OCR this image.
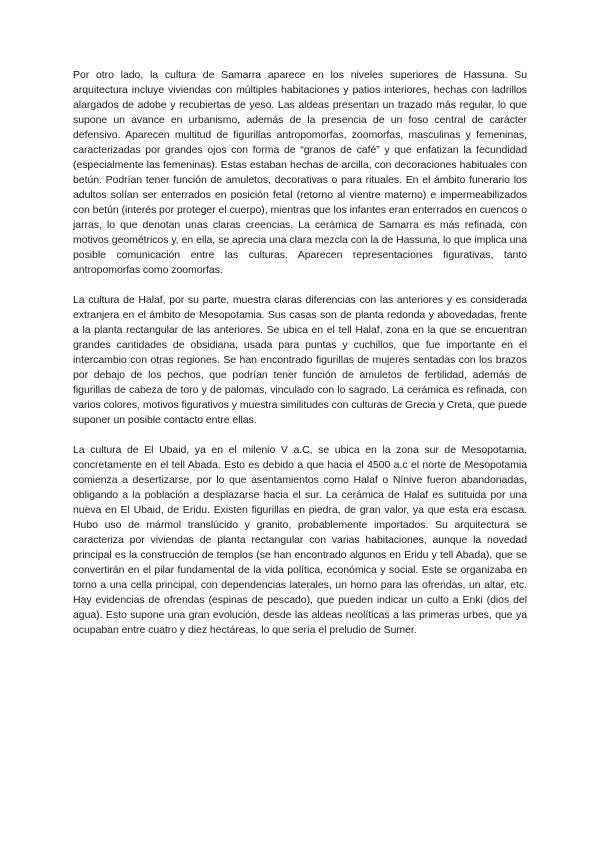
Por otro lado, la cultura de Samarra aparece en los niveles superiores de Hassuna. Su arquitectura incluye viviendas con múltiples habitaciones y patios interiores, hechas con ladrillos alargados de adobe y recubiertas de yeso. Las aldeas presentan un trazado más regular, lo que supone un avance en urbanismo, además de la presencia de un foso central de carácter defensivo. Aparecen multitud de figurillas antropomorfas, zoomorfas, masculinas y femeninas, caracterizadas por grandes ojos con forma de “granos de café” y que enfatizan la fecundidad (especialmente las femeninas). Estas estaban hechas de arcilla, con decoraciones habituales con betún. Podrían tener función de amuletos, decorativas o para rituales. En el ámbito funerario los adultos solían ser enterrados en posición fetal (retorno al vientre materno) e impermeabilizados con betún (interés por proteger el cuerpo), mientras que los infantes eran enterrados en cuencos o jarras, lo que denotan unas claras creencias. La cerámica de Samarra es más refinada, con motivos geométricos y, en ella, se aprecia una clara mezcla con la de Hassuna, lo que implica una posible comunicación entre las culturas. Aparecen representaciones figurativas, tanto antropomorfas como zoomorfas.

La cultura de Halaf, por su parte, muestra claras diferencias con las anteriores y es considerada extranjera en el ámbito de Mesopotamia. Sus casas son de planta redonda y abovedadas, frente a la planta rectangular de las anteriores. Se ubica en el tell Halaf, zona en la que se encuentran grandes cantidades de obsidiana, usada para puntas y cuchillos, que fue importante en el intercambio con otras regiones. Se han encontrado figurillas de mujeres sentadas con los brazos por debajo de los pechos, que podrían tener función de amuletos de fertilidad, además de figurillas de cabeza de toro y de palomas, vinculado con lo sagrado. La cerámica es refinada, con varios colores, motivos figurativos y muestra similitudes con culturas de Grecia y Creta, que puede suponer un posible contacto entre ellas.

La cultura de El Ubaid, ya en el milenio V a.C, se ubica en la zona sur de Mesopotamia, concretamente en el tell Abada. Esto es debido a que hacia el 4500 a.c el norte de Mesopotamia comienza a desertizarse, por lo que asentamientos como Halaf o Nínive fueron abandonadas, obligando a la población a desplazarse hacia el sur. La cerámica de Halaf es sutituida por una nueva en El Ubaid, de Eridu. Existen figurillas en piedra, de gran valor, ya que esta era escasa. Hubo uso de mármol translúcido y granito, probablemente importados. Su arquitectura se caracteriza por viviendas de planta rectangular con varias habitaciones, aunque la novedad principal es la construcción de templos (se han encontrado algunos en Eridu y tell Abada), que se convertirán en el pilar fundamental de la vida política, económica y social. Este se organizaba en torno a una cella principal, con dependencias laterales, un horno para las ofrendas, un altar, etc. Hay evidencias de ofrendas (espinas de pescado), que pueden indicar un culto a Enki (dios del agua). Esto supone una gran evolución, desde las aldeas neolíticas a las primeras urbes, que ya ocupaban entre cuatro y diez hectáreas, lo que sería el preludio de Sumer.
